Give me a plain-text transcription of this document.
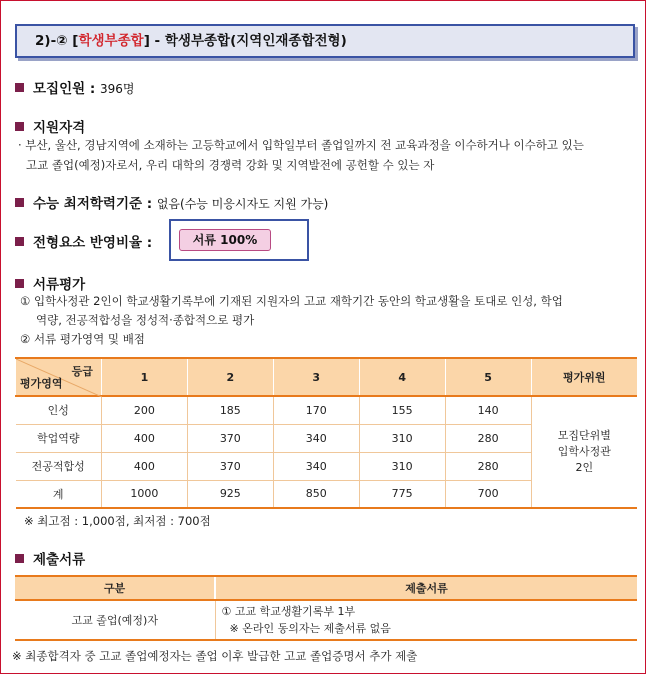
2)-② [학생부종합] - 학생부종합(지역인재종합전형)
모집인원 : 396명
지원자격
· 부산, 울산, 경남지역에 소재하는 고등학교에서 입학일부터 졸업일까지 전 교육과정을 이수하거나 이수하고 있는
고교 졸업(예정)자로서, 우리 대학의 경쟁력 강화 및 지역발전에 공헌할 수 있는 자
수능 최저학력기준 : 없음(수능 미응시자도 지원 가능)
전형요소 반영비율 :	서류 100%
서류평가
① 입학사정관 2인이 학교생활기록부에 기재된 지원자의 고교 재학기간 동안의 학교생활을 토대로 인성, 학업
역량, 전공적합성을 정성적·종합적으로 평가
② 서류 평가영역 및 배점
등급
평가영역	1	2	3	4	5	평가위원
인성	200	185	170	155	140	모집단위별
입학사정관
2인

학업역량	400	370	340	310	280	
전공적합성	400	370	340	310	280	
계	1000	925	850	775	700	
※ 최고점 : 1,000점, 최저점 : 700점
제출서류
구분	제출서류
고교 졸업(예정)자	① 고교 학교생활기록부 1부
※ 온라인 동의자는 제출서류 없음
※ 최종합격자 중 고교 졸업예정자는 졸업 이후 발급한 고교 졸업증명서 추가 제출
